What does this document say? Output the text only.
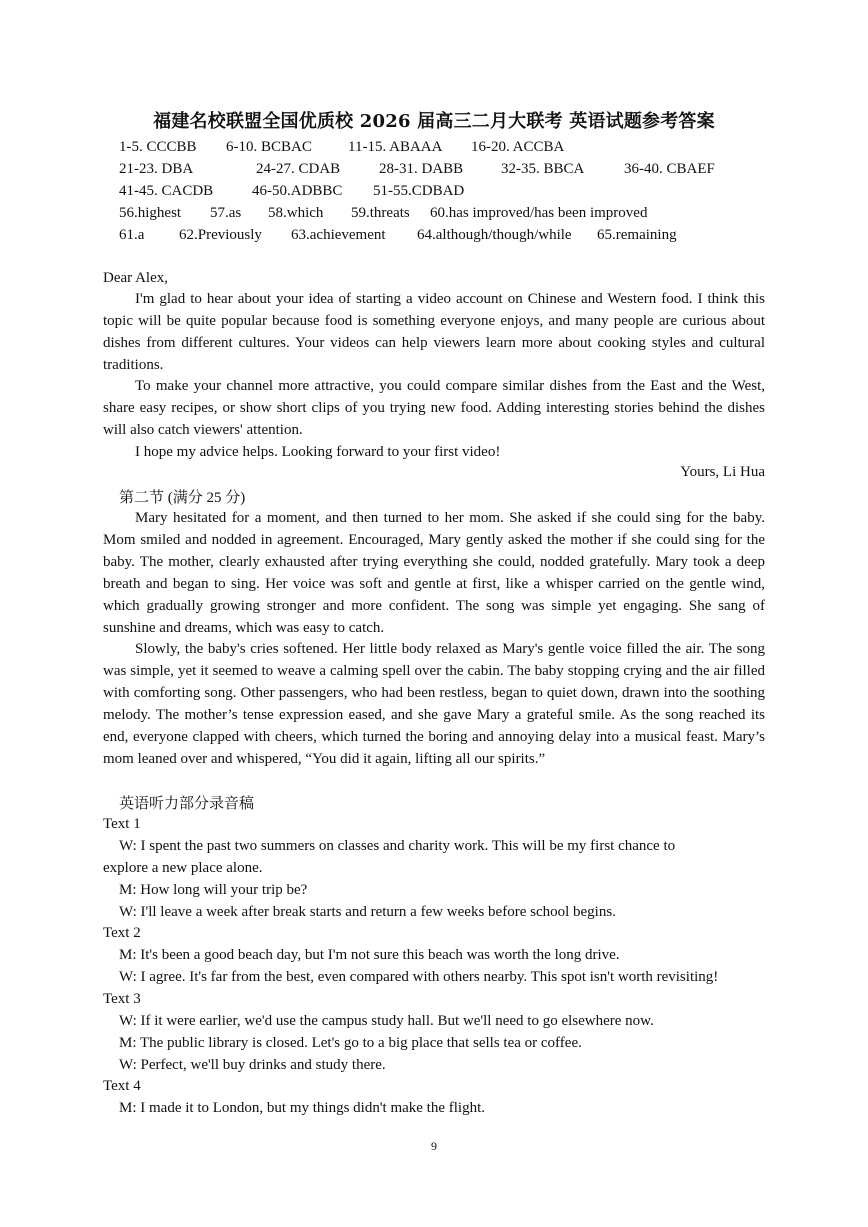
福建名校联盟全国优质校 2026 届高三二月大联考 英语试题参考答案
1-5. CCCBB 6-10. BCBAC 11-15. ABAAA 16-20. ACCBA
21-23. DBA	24-27. CDAB	28-31. DABB	32-35. BBCA	36-40. CBAEF
41-45. CACDB	46-50.ADBBC 51-55.CDBAD
56.highest 57.as 58.which 59.threats 60.has improved/has been improved
61.a 62.Previously 63.achievement 64.although/though/while 65.remaining
Dear Alex,

I'm glad to hear about your idea of starting a video account on Chinese and Western food. I think this topic will be quite popular because food is something everyone enjoys, and many people are curious about dishes from different cultures. Your videos can help viewers learn more about cooking styles and cultural traditions.

To make your channel more attractive, you could compare similar dishes from the East and the West, share easy recipes, or show short clips of you trying new food. Adding interesting stories behind the dishes will also catch viewers' attention.

I hope my advice helps. Looking forward to your first video!

Yours, Li Hua
第二节 (满分 25 分)

Mary hesitated for a moment, and then turned to her mom. She asked if she could sing for the baby. Mom smiled and nodded in agreement. Encouraged, Mary gently asked the mother if she could sing for the baby. The mother, clearly exhausted after trying everything she could, nodded gratefully. Mary took a deep breath and began to sing. Her voice was soft and gentle at first, like a whisper carried on the gentle wind, which gradually growing stronger and more confident. The song was simple yet engaging. She sang of sunshine and dreams, which was easy to catch.

Slowly, the baby's cries softened. Her little body relaxed as Mary's gentle voice filled the air. The song was simple, yet it seemed to weave a calming spell over the cabin. The baby stopping crying and the air filled with comforting song. Other passengers, who had been restless, began to quiet down, drawn into the soothing melody. The mother’s tense expression eased, and she gave Mary a grateful smile. As the song reached its end, everyone clapped with cheers, which turned the boring and annoying delay into a musical feast. Mary’s mom leaned over and whispered, “You did it again, lifting all our spirits.”

英语听力部分录音稿
Text 1
W: I spent the past two summers on classes and charity work. This will be my first chance to
explore a new place alone.
M: How long will your trip be?
W: I'll leave a week after break starts and return a few weeks before school begins.
Text 2
M: It's been a good beach day, but I'm not sure this beach was worth the long drive.
W: I agree. It's far from the best, even compared with others nearby. This spot isn't worth revisiting!
Text 3
W: If it were earlier, we'd use the campus study hall. But we'll need to go elsewhere now.
M: The public library is closed. Let's go to a big place that sells tea or coffee.
W: Perfect, we'll buy drinks and study there.
Text 4
M: I made it to London, but my things didn't make the flight.
9
